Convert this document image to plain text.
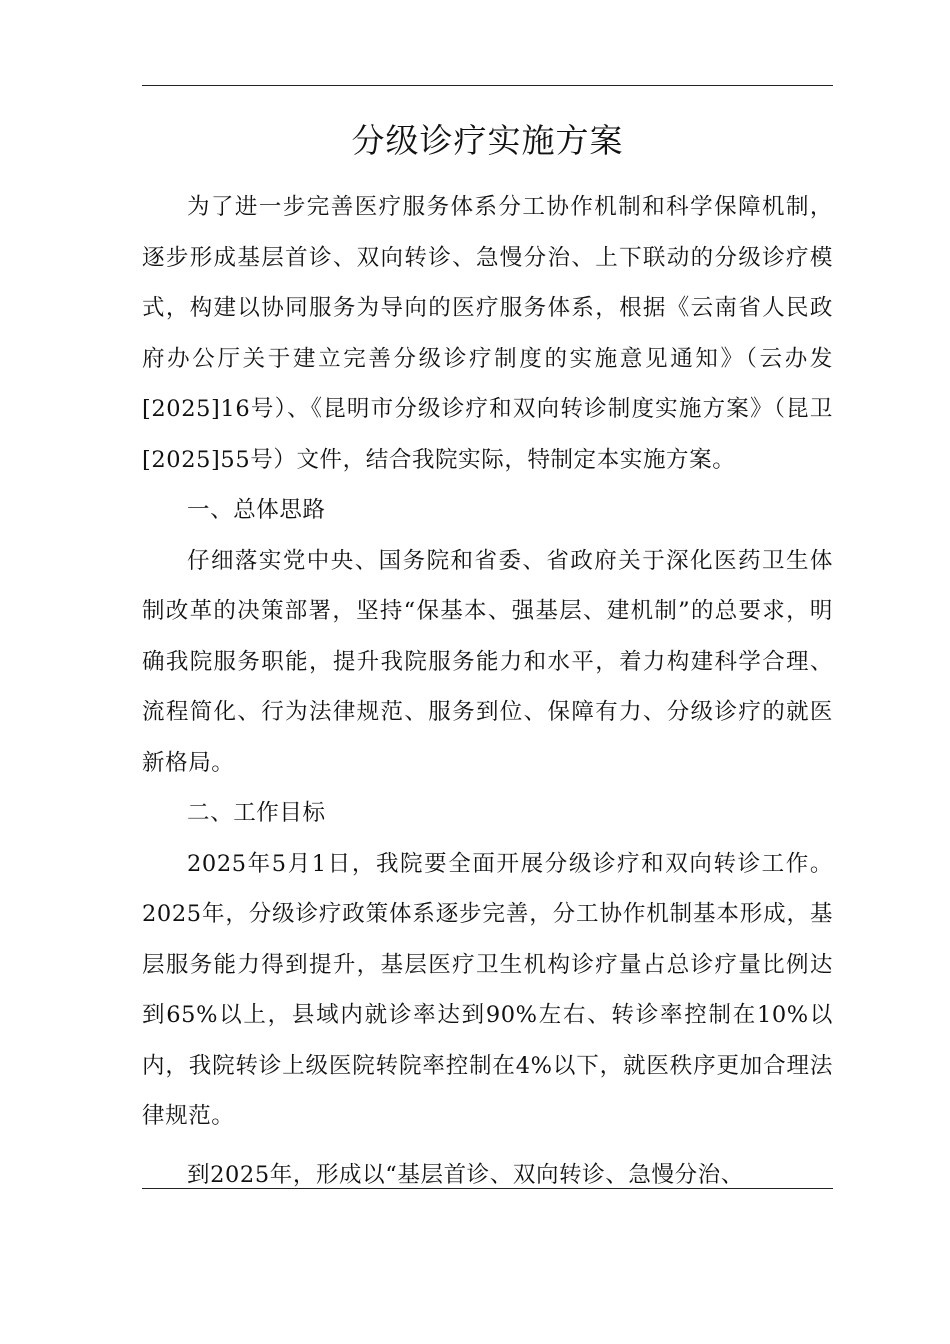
分级诊疗实施方案

为了进一步完善医疗服务体系分工协作机制和科学保障机制，逐步形成基层首诊、双向转诊、急慢分治、上下联动的分级诊疗模式，构建以协同服务为导向的医疗服务体系，根据《云南省人民政府办公厅关于建立完善分级诊疗制度的实施意见通知》（云办发[2025]16号）、《昆明市分级诊疗和双向转诊制度实施方案》（昆卫[2025]55号）文件，结合我院实际，特制定本实施方案。

一、总体思路

仔细落实党中央、国务院和省委、省政府关于深化医药卫生体制改革的决策部署，坚持“保基本、强基层、建机制”的总要求，明确我院服务职能，提升我院服务能力和水平，着力构建科学合理、流程简化、行为法律规范、服务到位、保障有力、分级诊疗的就医新格局。

二、工作目标

2025年5月1日，我院要全面开展分级诊疗和双向转诊工作。2025年，分级诊疗政策体系逐步完善，分工协作机制基本形成，基层服务能力得到提升，基层医疗卫生机构诊疗量占总诊疗量比例达到65%以上，县域内就诊率达到90%左右、转诊率控制在10%以内，我院转诊上级医院转院率控制在4%以下，就医秩序更加合理法律规范。

到2025年，形成以“基层首诊、双向转诊、急慢分治、
